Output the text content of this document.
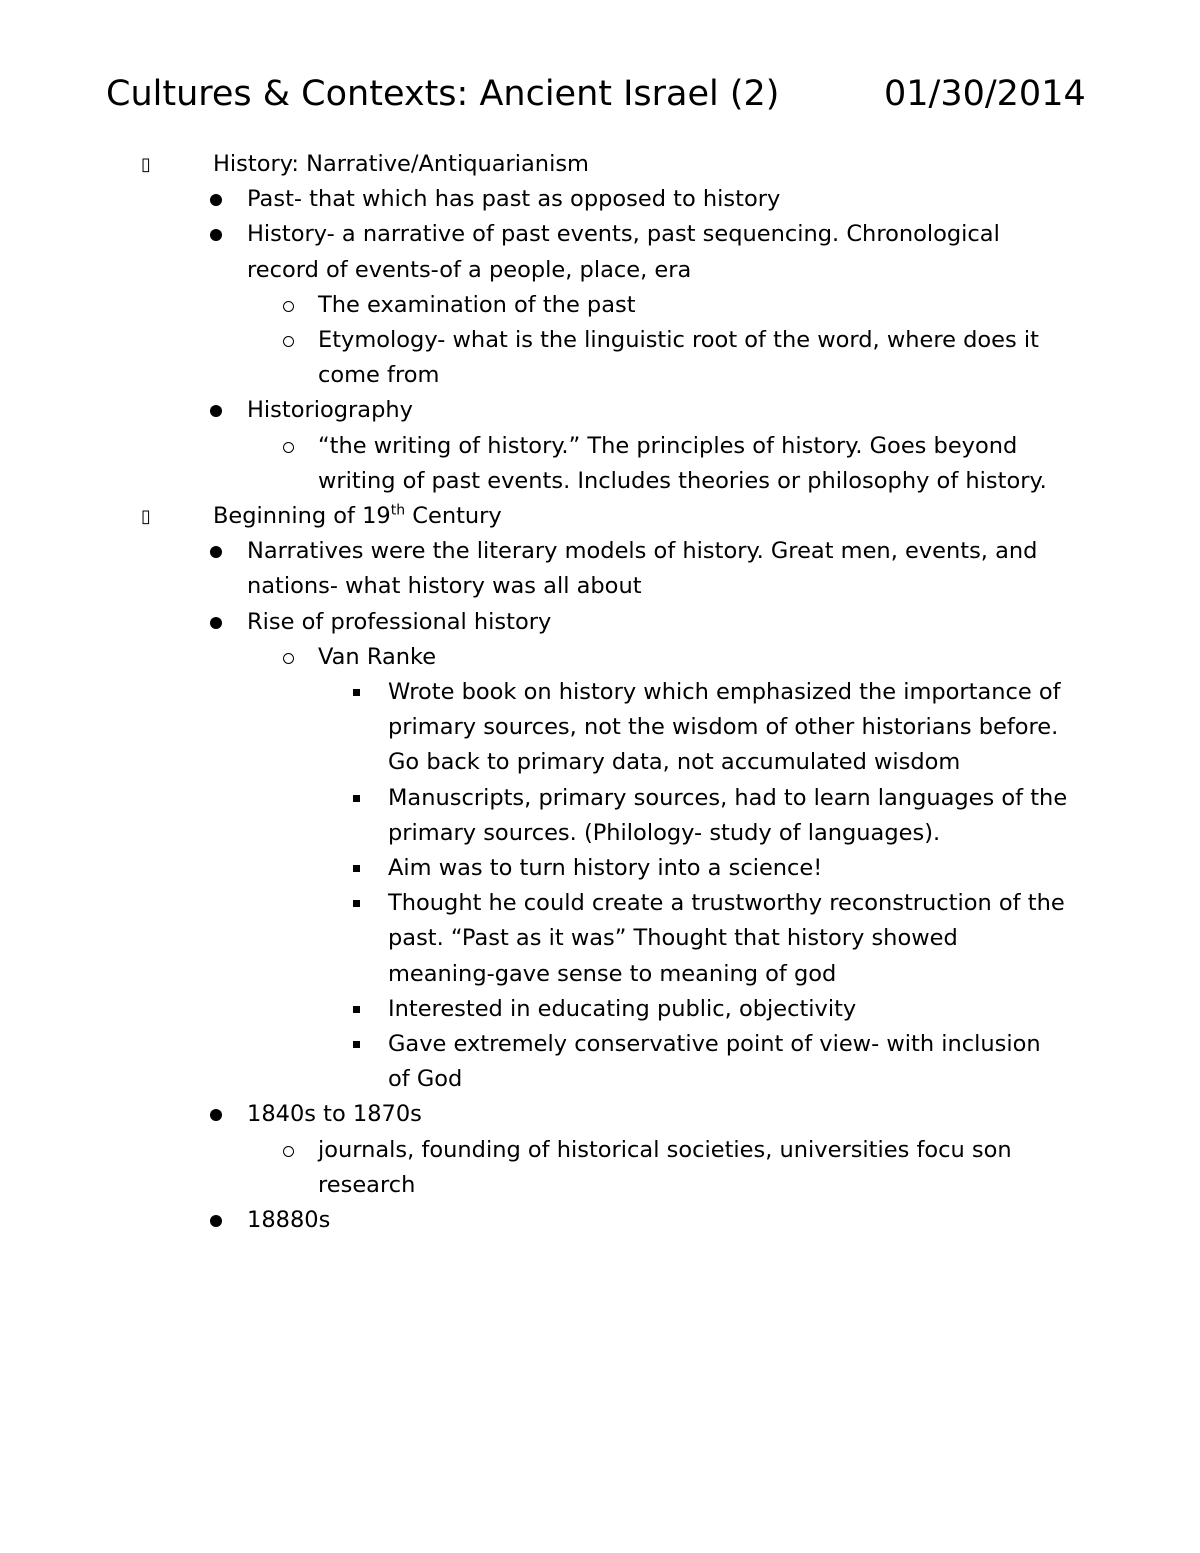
Cultures & Contexts: Ancient Israel (2)	01/30/2014
▯	History: Narrative/Antiquarianism
Past- that which has past as opposed to history
History- a narrative of past events, past sequencing. Chronological record of events-of a people, place, era
The examination of the past
Etymology- what is the linguistic root of the word, where does it come from
Historiography
“the writing of history.” The principles of history. Goes beyond writing of past events. Includes theories or philosophy of history.
▯	Beginning of 19th Century
Narratives were the literary models of history. Great men, events, and nations- what history was all about
Rise of professional history
Van Ranke
Wrote book on history which emphasized the importance of primary sources, not the wisdom of other historians before. Go back to primary data, not accumulated wisdom
Manuscripts, primary sources, had to learn languages of the primary sources. (Philology- study of languages).
Aim was to turn history into a science!
Thought he could create a trustworthy reconstruction of the past. “Past as it was” Thought that history showed meaning-gave sense to meaning of god
Interested in educating public, objectivity
Gave extremely conservative point of view- with inclusion of God
1840s to 1870s
journals, founding of historical societies, universities focu son research
18880s
